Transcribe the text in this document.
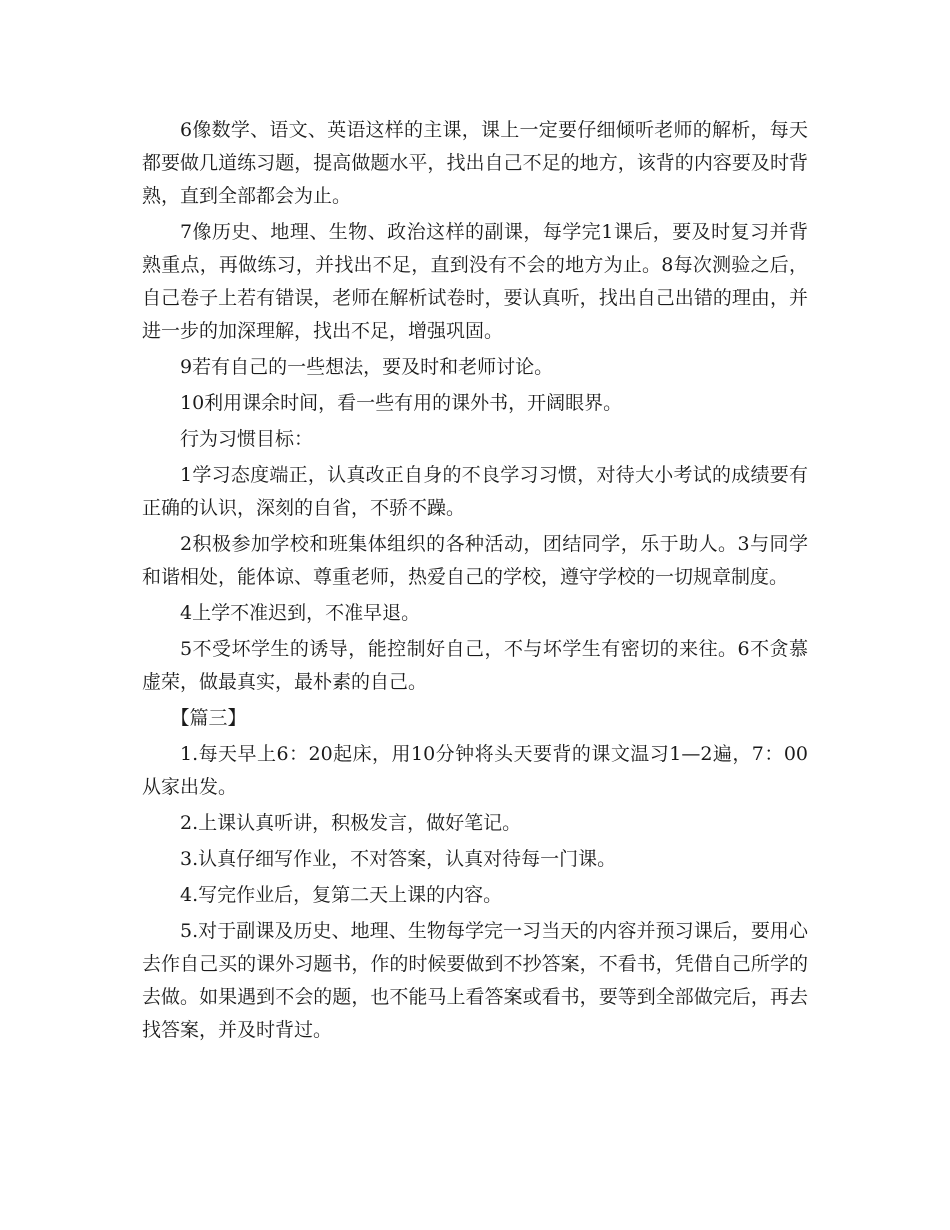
6像数学、语文、英语这样的主课，课上一定要仔细倾听老师的解析，每天都要做几道练习题，提高做题水平，找出自己不足的地方，该背的内容要及时背熟，直到全部都会为止。

7像历史、地理、生物、政治这样的副课，每学完1课后，要及时复习并背熟重点，再做练习，并找出不足，直到没有不会的地方为止。8每次测验之后，自己卷子上若有错误，老师在解析试卷时，要认真听，找出自己出错的理由，并进一步的加深理解，找出不足，增强巩固。

9若有自己的一些想法，要及时和老师讨论。

10利用课余时间，看一些有用的课外书，开阔眼界。

行为习惯目标：

1学习态度端正，认真改正自身的不良学习习惯，对待大小考试的成绩要有正确的认识，深刻的自省，不骄不躁。

2积极参加学校和班集体组织的各种活动，团结同学，乐于助人。3与同学和谐相处，能体谅、尊重老师，热爱自己的学校，遵守学校的一切规章制度。

4上学不准迟到，不准早退。

5不受坏学生的诱导，能控制好自己，不与坏学生有密切的来往。6不贪慕虚荣，做最真实，最朴素的自己。

【篇三】

1.每天早上6：20起床，用10分钟将头天要背的课文温习1—2遍，7：00从家出发。

2.上课认真听讲，积极发言，做好笔记。

3.认真仔细写作业，不对答案，认真对待每一门课。

4.写完作业后，复第二天上课的内容。

5.对于副课及历史、地理、生物每学完一习当天的内容并预习课后，要用心去作自己买的课外习题书，作的时候要做到不抄答案，不看书，凭借自己所学的去做。如果遇到不会的题，也不能马上看答案或看书，要等到全部做完后，再去找答案，并及时背过。
